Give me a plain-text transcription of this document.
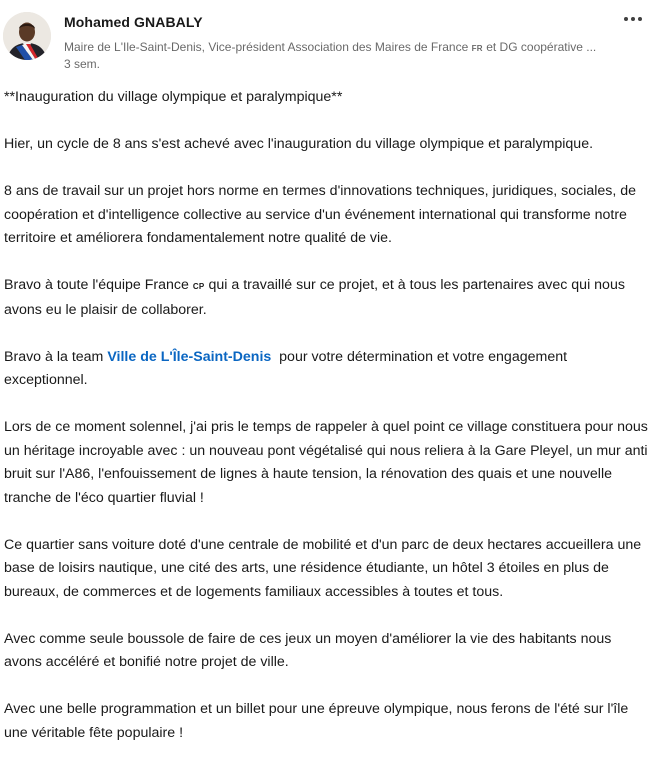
Mohamed GNABALY
Maire de L'Ile-Saint-Denis, Vice-président Association des Maires de France FR et DG coopérative ...
3 sem.

**Inauguration du village olympique et paralympique**

Hier, un cycle de 8 ans s'est achevé avec l'inauguration du village olympique et paralympique.

8 ans de travail sur un projet hors norme en termes d'innovations techniques, juridiques, sociales, de coopération et d'intelligence collective au service d'un événement international qui transforme notre territoire et améliorera fondamentalement notre qualité de vie.

Bravo à toute l'équipe France CP qui a travaillé sur ce projet, et à tous les partenaires avec qui nous avons eu le plaisir de collaborer.

Bravo à la team Ville de L'Île-Saint-Denis pour votre détermination et votre engagement exceptionnel.

Lors de ce moment solennel, j'ai pris le temps de rappeler à quel point ce village constituera pour nous un héritage incroyable avec : un nouveau pont végétalisé qui nous reliera à la Gare Pleyel, un mur anti bruit sur l'A86, l'enfouissement de lignes à haute tension, la rénovation des quais et une nouvelle tranche de l'éco quartier fluvial !

Ce quartier sans voiture doté d'une centrale de mobilité et d'un parc de deux hectares accueillera une base de loisirs nautique, une cité des arts, une résidence étudiante, un hôtel 3 étoiles en plus de bureaux, de commerces et de logements familiaux accessibles à toutes et tous.

Avec comme seule boussole de faire de ces jeux un moyen d'améliorer la vie des habitants nous avons accéléré et bonifié notre projet de ville.

Avec une belle programmation et un billet pour une épreuve olympique, nous ferons de l'été sur l'île une véritable fête populaire !
